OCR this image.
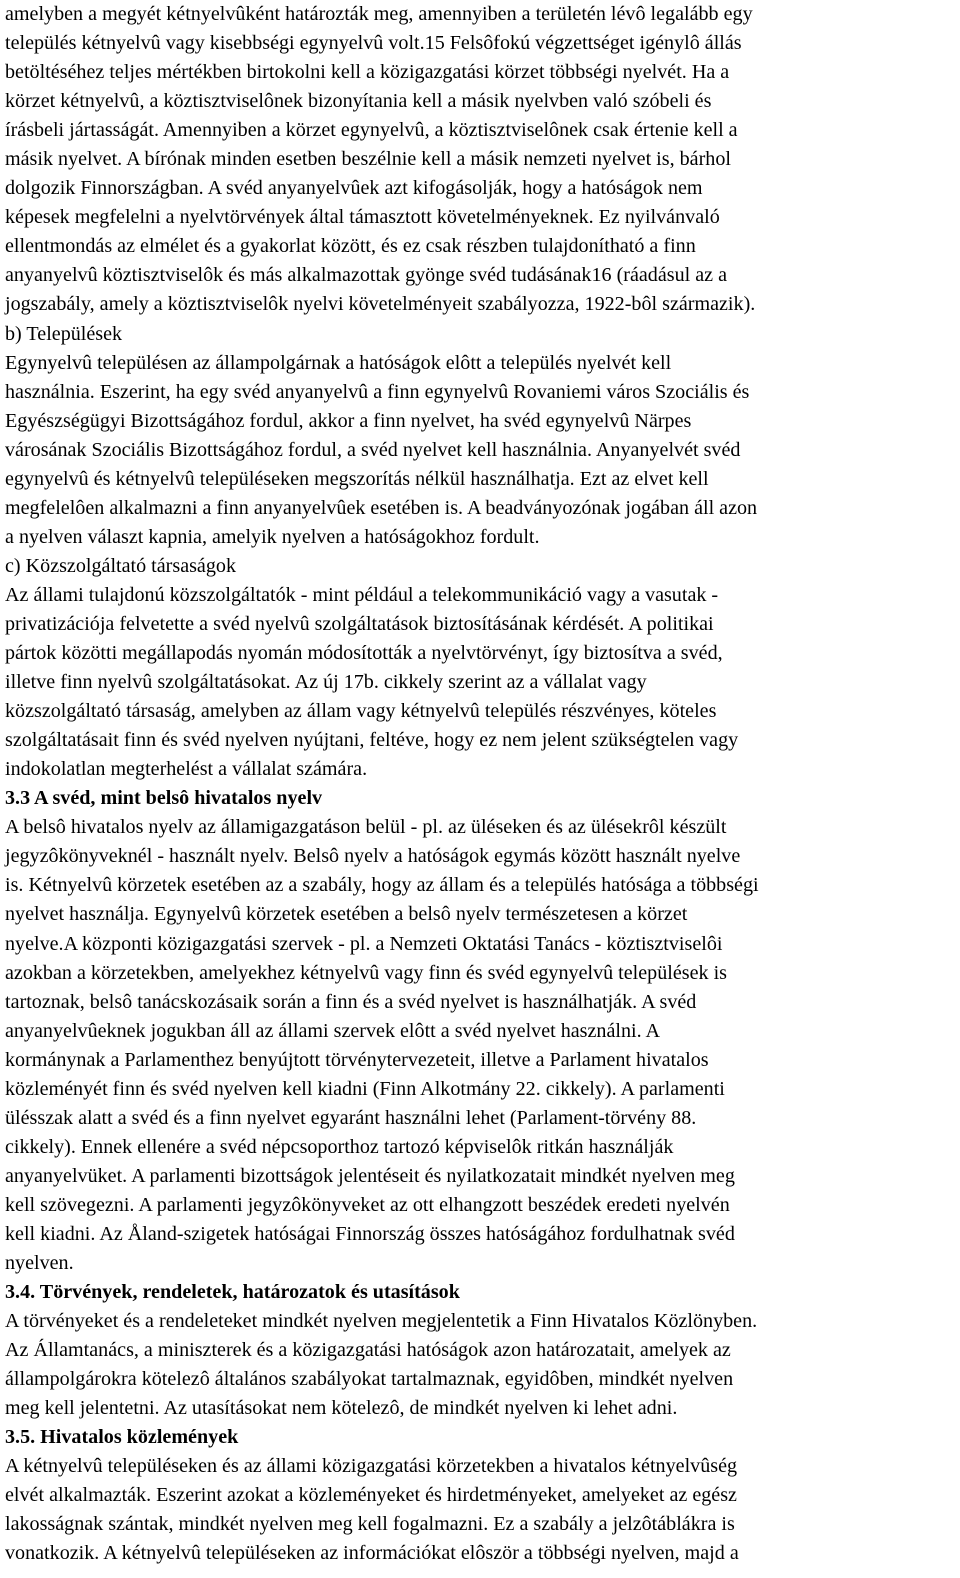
amelyben a megyét kétnyelvûként határozták meg, amennyiben a területén lévô legalább egy

település kétnyelvû vagy kisebbségi egynyelvû volt.15 Felsôfokú végzettséget igénylô állás

betöltéséhez teljes mértékben birtokolni kell a közigazgatási körzet többségi nyelvét. Ha a

körzet kétnyelvû, a köztisztviselônek bizonyítania kell a másik nyelvben való szóbeli és

írásbeli jártasságát. Amennyiben a körzet egynyelvû, a köztisztviselônek csak értenie kell a

másik nyelvet. A bírónak minden esetben beszélnie kell a másik nemzeti nyelvet is, bárhol

dolgozik Finnországban. A svéd anyanyelvûek azt kifogásolják, hogy a hatóságok nem

képesek megfelelni a nyelvtörvények által támasztott követelményeknek. Ez nyilvánvaló

ellentmondás az elmélet és a gyakorlat között, és ez csak részben tulajdonítható a finn

anyanyelvû köztisztviselôk és más alkalmazottak gyönge svéd tudásának16 (ráadásul az a

jogszabály, amely a köztisztviselôk nyelvi követelményeit szabályozza, 1922-bôl származik).

b) Települések

Egynyelvû településen az állampolgárnak a hatóságok elôtt a település nyelvét kell

használnia. Eszerint, ha egy svéd anyanyelvû a finn egynyelvû Rovaniemi város Szociális és

Egyészségügyi Bizottságához fordul, akkor a finn nyelvet, ha svéd egynyelvû Närpes

városának Szociális Bizottságához fordul, a svéd nyelvet kell használnia. Anyanyelvét svéd

egynyelvû és kétnyelvû településeken megszorítás nélkül használhatja. Ezt az elvet kell

megfelelôen alkalmazni a finn anyanyelvûek esetében is. A beadványozónak jogában áll azon

a nyelven választ kapnia, amelyik nyelven a hatóságokhoz fordult.

c) Közszolgáltató társaságok

Az állami tulajdonú közszolgáltatók - mint például a telekommunikáció vagy a vasutak -

privatizációja felvetette a svéd nyelvû szolgáltatások biztosításának kérdését. A politikai

pártok közötti megállapodás nyomán módosították a nyelvtörvényt, így biztosítva a svéd,

illetve finn nyelvû szolgáltatásokat. Az új 17b. cikkely szerint az a vállalat vagy

közszolgáltató társaság, amelyben az állam vagy kétnyelvû település részvényes, köteles

szolgáltatásait finn és svéd nyelven nyújtani, feltéve, hogy ez nem jelent szükségtelen vagy

indokolatlan megterhelést a vállalat számára.

3.3 A svéd, mint belsô hivatalos nyelv

A belsô hivatalos nyelv az államigazgatáson belül - pl. az üléseken és az ülésekrôl készült

jegyzôkönyveknél - használt nyelv. Belsô nyelv a hatóságok egymás között használt nyelve

is. Kétnyelvû körzetek esetében az a szabály, hogy az állam és a település hatósága a többségi

nyelvet használja. Egynyelvû körzetek esetében a belsô nyelv természetesen a körzet

nyelve.A központi közigazgatási szervek - pl. a Nemzeti Oktatási Tanács - köztisztviselôi

azokban a körzetekben, amelyekhez kétnyelvû vagy finn és svéd egynyelvû települések is

tartoznak, belsô tanácskozásaik során a finn és a svéd nyelvet is használhatják. A svéd

anyanyelvûeknek jogukban áll az állami szervek elôtt a svéd nyelvet használni. A

kormánynak a Parlamenthez benyújtott törvénytervezeteit, illetve a Parlament hivatalos

közleményét finn és svéd nyelven kell kiadni (Finn Alkotmány 22. cikkely). A parlamenti

ülésszak alatt a svéd és a finn nyelvet egyaránt használni lehet (Parlament-törvény 88.

cikkely). Ennek ellenére a svéd népcsoporthoz tartozó képviselôk ritkán használják

anyanyelvüket. A parlamenti bizottságok jelentéseit és nyilatkozatait mindkét nyelven meg

kell szövegezni. A parlamenti jegyzôkönyveket az ott elhangzott beszédek eredeti nyelvén

kell kiadni. Az Åland-szigetek hatóságai Finnország összes hatóságához fordulhatnak svéd

nyelven.

3.4. Törvények, rendeletek, határozatok és utasítások

A törvényeket és a rendeleteket mindkét nyelven megjelentetik a Finn Hivatalos Közlönyben.

Az Államtanács, a miniszterek és a közigazgatási hatóságok azon határozatait, amelyek az

állampolgárokra kötelezô általános szabályokat tartalmaznak, egyidôben, mindkét nyelven

meg kell jelentetni. Az utasításokat nem kötelezô, de mindkét nyelven ki lehet adni.

3.5. Hivatalos közlemények

A kétnyelvû településeken és az állami közigazgatási körzetekben a hivatalos kétnyelvûség

elvét alkalmazták. Eszerint azokat a közleményeket és hirdetményeket, amelyeket az egész

lakosságnak szántak, mindkét nyelven meg kell fogalmazni. Ez a szabály a jelzôtáblákra is

vonatkozik. A kétnyelvû településeken az információkat elôször a többségi nyelven, majd a
